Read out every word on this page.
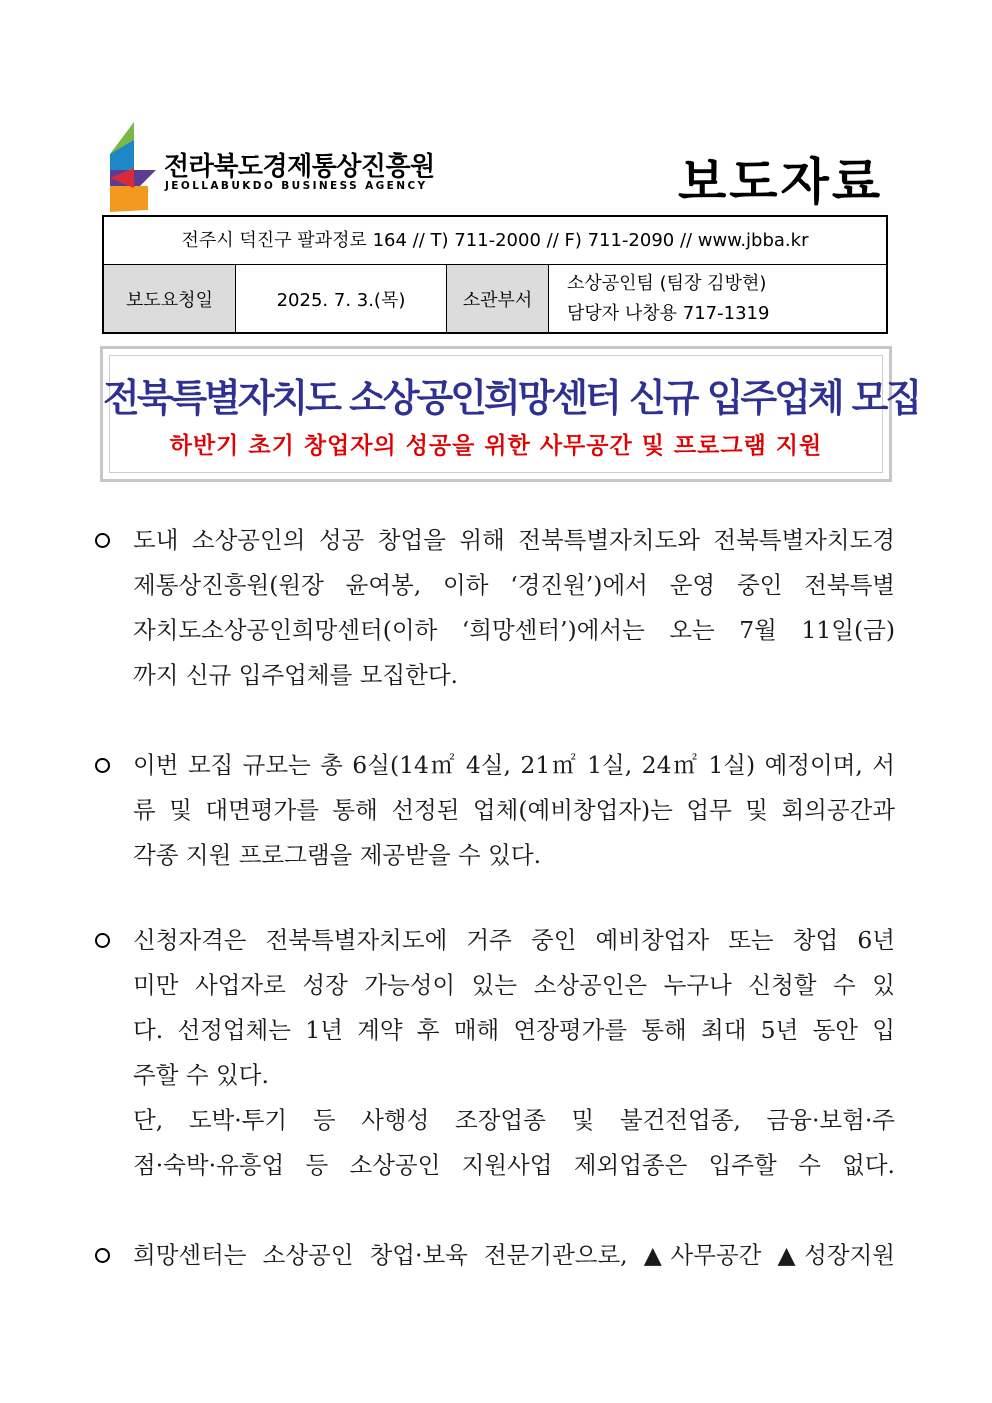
전라북도경제통상진흥원
JEOLLABUKDO BUSINESS AGENCY	보도자료
전주시 덕진구 팔과정로 164 // T) 711-2000 // F) 711-2090 // www.jbba.kr
보도요청일	2025. 7. 3.(목)	소관부서
소상공인팀 (팀장 김방현)
담당자 나창용 717-1319
전북특별자치도 소상공인희망센터 신규 입주업체 모집
하반기 초기 창업자의 성공을 위한 사무공간 및 프로그램 지원
도내 소상공인의 성공 창업을 위해 전북특별자치도와 전북특별자치도경
제통상진흥원(원장 윤여봉, 이하 ‘경진원’)에서 운영 중인 전북특별
자치도소상공인희망센터(이하 ‘희망센터’)에서는 오는 7월 11일(금)
까지 신규 입주업체를 모집한다.
이번 모집 규모는 총 6실(14㎡ 4실, 21㎡ 1실, 24㎡ 1실) 예정이며, 서
류 및 대면평가를 통해 선정된 업체(예비창업자)는 업무 및 회의공간과
각종 지원 프로그램을 제공받을 수 있다.
신청자격은 전북특별자치도에 거주 중인 예비창업자 또는 창업 6년
미만 사업자로 성장 가능성이 있는 소상공인은 누구나 신청할 수 있
다. 선정업체는 1년 계약 후 매해 연장평가를 통해 최대 5년 동안 입
주할 수 있다.
단, 도박·투기 등 사행성 조장업종 및 불건전업종, 금융·보험·주
점·숙박·유흥업 등 소상공인 지원사업 제외업종은 입주할 수 없다.
희망센터는 소상공인 창업·보육 전문기관으로, ▲사무공간 ▲성장지원
